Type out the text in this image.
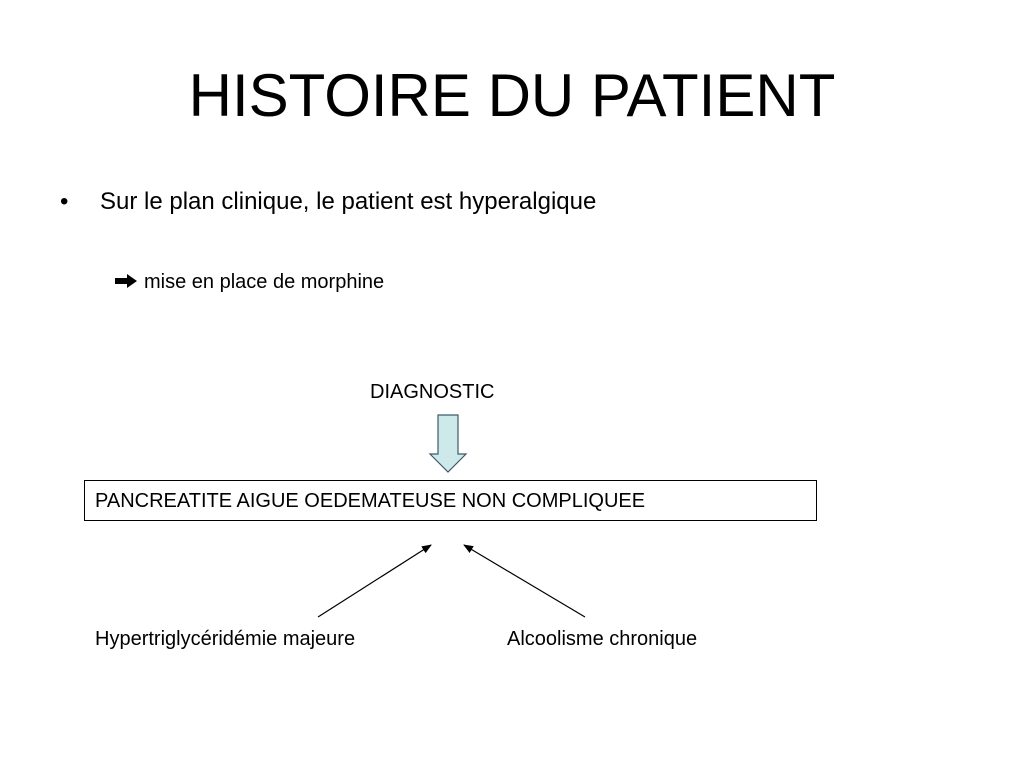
HISTOIRE DU PATIENT
• Sur le plan clinique, le patient est hyperalgique
mise en place de morphine
DIAGNOSTIC
PANCREATITE AIGUE OEDEMATEUSE NON COMPLIQUEE
Hypertriglycéridémie majeure	Alcoolisme chronique
